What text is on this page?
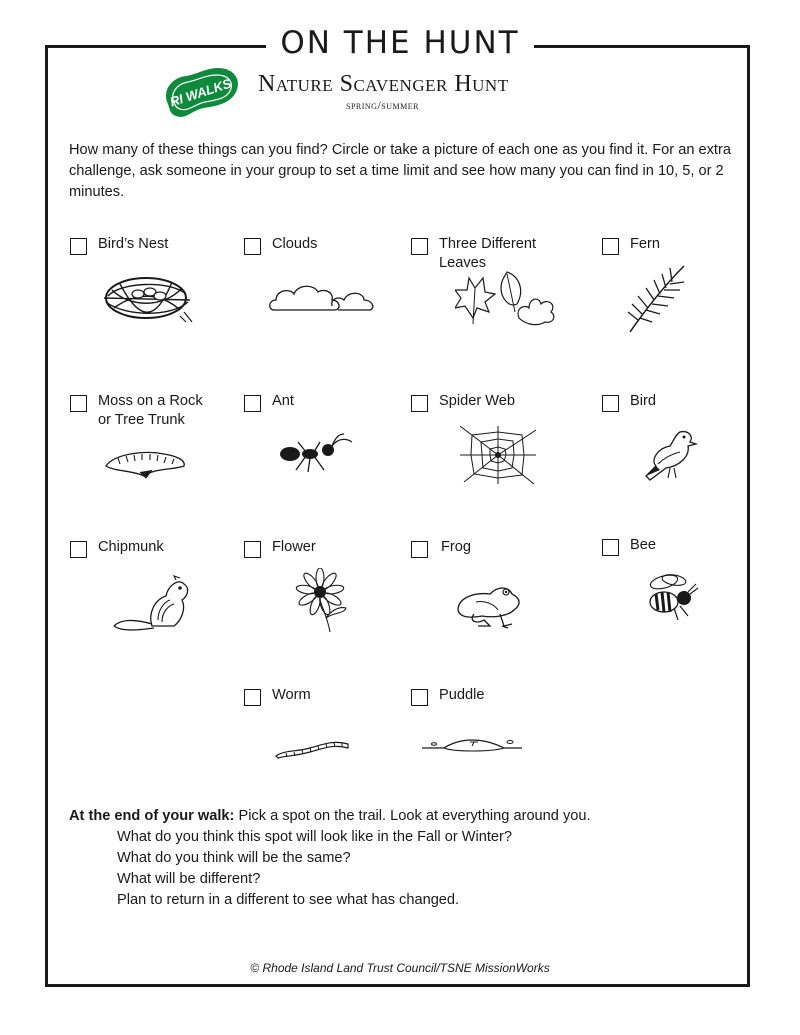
ON THE HUNT
RI WALKS Nature Scavenger Hunt
spring/summer
How many of these things can you find? Circle or take a picture of each one as you find it. For an extra challenge, ask someone in your group to set a time limit and see how many you can find in 10, 5, or 2 minutes.
Bird’s Nest	Clouds	Three Different Leaves
Fern
Moss on a Rock or Tree Trunk
Ant	Spider Web	Bird
Chipmunk	Flower	Frog	Bee
Worm	Puddle
At the end of your walk: Pick a spot on the trail. Look at everything around you.
What do you think this spot will look like in the Fall or Winter?
What do you think will be the same?
What will be different?
Plan to return in a different to see what has changed.
© Rhode Island Land Trust Council/TSNE MissionWorks
